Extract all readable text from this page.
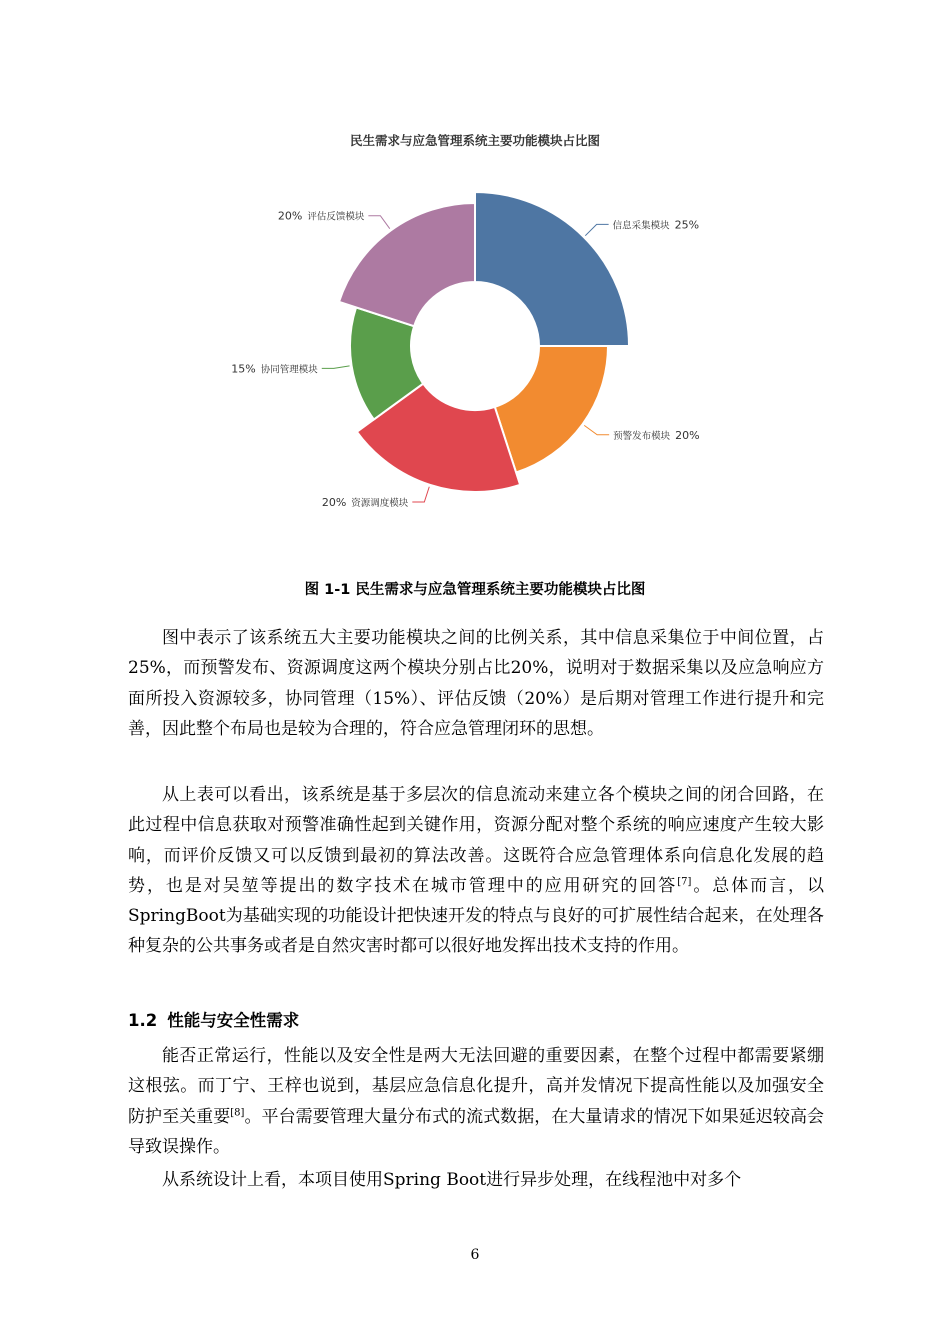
民生需求与应急管理系统主要功能模块占比图
信息采集模块 25%
预警发布模块 20%
20% 资源调度模块
15% 协同管理模块
20% 评估反馈模块
图 1-1 民生需求与应急管理系统主要功能模块占比图

图中表示了该系统五大主要功能模块之间的比例关系，其中信息采集位于中间位置，占25%，而预警发布、资源调度这两个模块分别占比20%，说明对于数据采集以及应急响应方面所投入资源较多，协同管理（15%）、评估反馈（20%）是后期对管理工作进行提升和完善，因此整个布局也是较为合理的，符合应急管理闭环的思想。

从上表可以看出，该系统是基于多层次的信息流动来建立各个模块之间的闭合回路，在此过程中信息获取对预警准确性起到关键作用，资源分配对整个系统的响应速度产生较大影响，而评价反馈又可以反馈到最初的算法改善。这既符合应急管理体系向信息化发展的趋势，也是对吴堃等提出的数字技术在城市管理中的应用研究的回答[7]。总体而言，以SpringBoot为基础实现的功能设计把快速开发的特点与良好的可扩展性结合起来，在处理各种复杂的公共事务或者是自然灾害时都可以很好地发挥出技术支持的作用。

1.2 性能与安全性需求

能否正常运行，性能以及安全性是两大无法回避的重要因素，在整个过程中都需要紧绷这根弦。而丁宁、王梓也说到，基层应急信息化提升，高并发情况下提高性能以及加强安全防护至关重要[8]。平台需要管理大量分布式的流式数据，在大量请求的情况下如果延迟较高会导致误操作。

从系统设计上看，本项目使用Spring Boot进行异步处理，在线程池中对多个

6
